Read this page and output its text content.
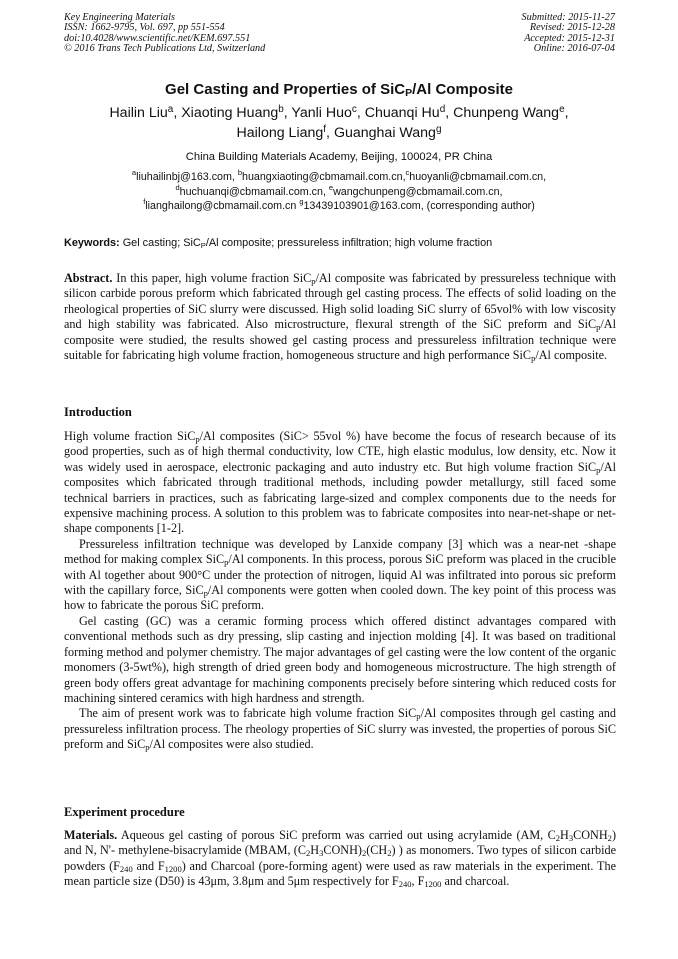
Key Engineering Materials
ISSN: 1662-9795, Vol. 697, pp 551-554
doi:10.4028/www.scientific.net/KEM.697.551
© 2016 Trans Tech Publications Ltd, Switzerland
Submitted: 2015-11-27
Revised: 2015-12-28
Accepted: 2015-12-31
Online: 2016-07-04
Gel Casting and Properties of SiC$_P$/Al Composite
Hailin Liu$^a$, Xiaoting Huang$^b$, Yanli Huo$^c$, Chuanqi Hu$^d$, Chunpeng Wang$^e$,
Hailong Liang$^f$, Guanghai Wang$^g$
China Building Materials Academy, Beijing, 100024, PR China
$^a$liuhailinbj@163.com, $^b$huangxiaoting@cbmamail.com.cn,$^c$huoyanli@cbmamail.com.cn,
$^d$huchuanqi@cbmamail.com.cn, $^e$wangchunpeng@cbmamail.com.cn,
$^f$lianghailong@cbmamail.com.cn $^g$13439103901@163.com, (corresponding author)
Keywords: Gel casting; SiC$_P$/Al composite; pressureless infiltration; high volume fraction
Abstract. In this paper, high volume fraction SiC$_p$/Al composite was fabricated by pressureless technique with silicon carbide porous preform which fabricated through gel casting process. The effects of solid loading on the rheological properties of SiC slurry were discussed. High solid loading SiC slurry of 65vol% with low viscosity and high stability was fabricated. Also microstructure, flexural strength of the SiC preform and SiC$_p$/Al composite were studied, the results showed gel casting process and pressureless infiltration technique were suitable for fabricating high volume fraction, homogeneous structure and high performance SiC$_p$/Al composite.
Introduction

High volume fraction SiC$_p$/Al composites (SiC> 55vol %) have become the focus of research because of its good properties, such as of high thermal conductivity, low CTE, high elastic modulus, low density, etc. Now it was widely used in aerospace, electronic packaging and auto industry etc. But high volume fraction SiC$_p$/Al composites which fabricated through traditional methods, including powder metallurgy, still faced some technical barriers in practices, such as fabricating large-sized and complex components due to the needs for expensive machining process. A solution to this problem was to fabricate composites into near-net-shape or net-shape components [1-2].

Pressureless infiltration technique was developed by Lanxide company [3] which was a near-net -shape method for making complex SiC$_p$/Al components. In this process, porous SiC preform was placed in the crucible with Al together about 900°C under the protection of nitrogen, liquid Al was infiltrated into porous sic preform with the capillary force, SiC$_p$/Al components were gotten when cooled down. The key point of this process was how to fabricate the porous SiC preform.

Gel casting (GC) was a ceramic forming process which offered distinct advantages compared with conventional methods such as dry pressing, slip casting and injection molding [4]. It was based on traditional forming method and polymer chemistry. The major advantages of gel casting were the low content of the organic monomers (3-5wt%), high strength of dried green body and homogeneous microstructure. The high strength of green body offers great advantage for machining components precisely before sintering which reduced costs for machining sintered ceramics with high hardness and strength.

The aim of present work was to fabricate high volume fraction SiC$_p$/Al composites through gel casting and pressureless infiltration process. The rheology properties of SiC slurry was invested, the properties of porous SiC preform and SiC$_p$/Al composites were also studied.

Experiment procedure
Materials. Aqueous gel casting of porous SiC preform was carried out using acrylamide (AM, $C_2H_3CONH_2$) and N, N'- methylene-bisacrylamide (MBAM, $(C_2H_3CONH)_2(CH_2)$ ) as monomers. Two types of silicon carbide powders ($F_{240}$ and $F_{1200}$) and Charcoal (pore-forming agent) were used as raw materials in the experiment. The mean particle size (D50) is 43μm, 3.8μm and 5μm respectively for $F_{240}$, $F_{1200}$ and charcoal.
